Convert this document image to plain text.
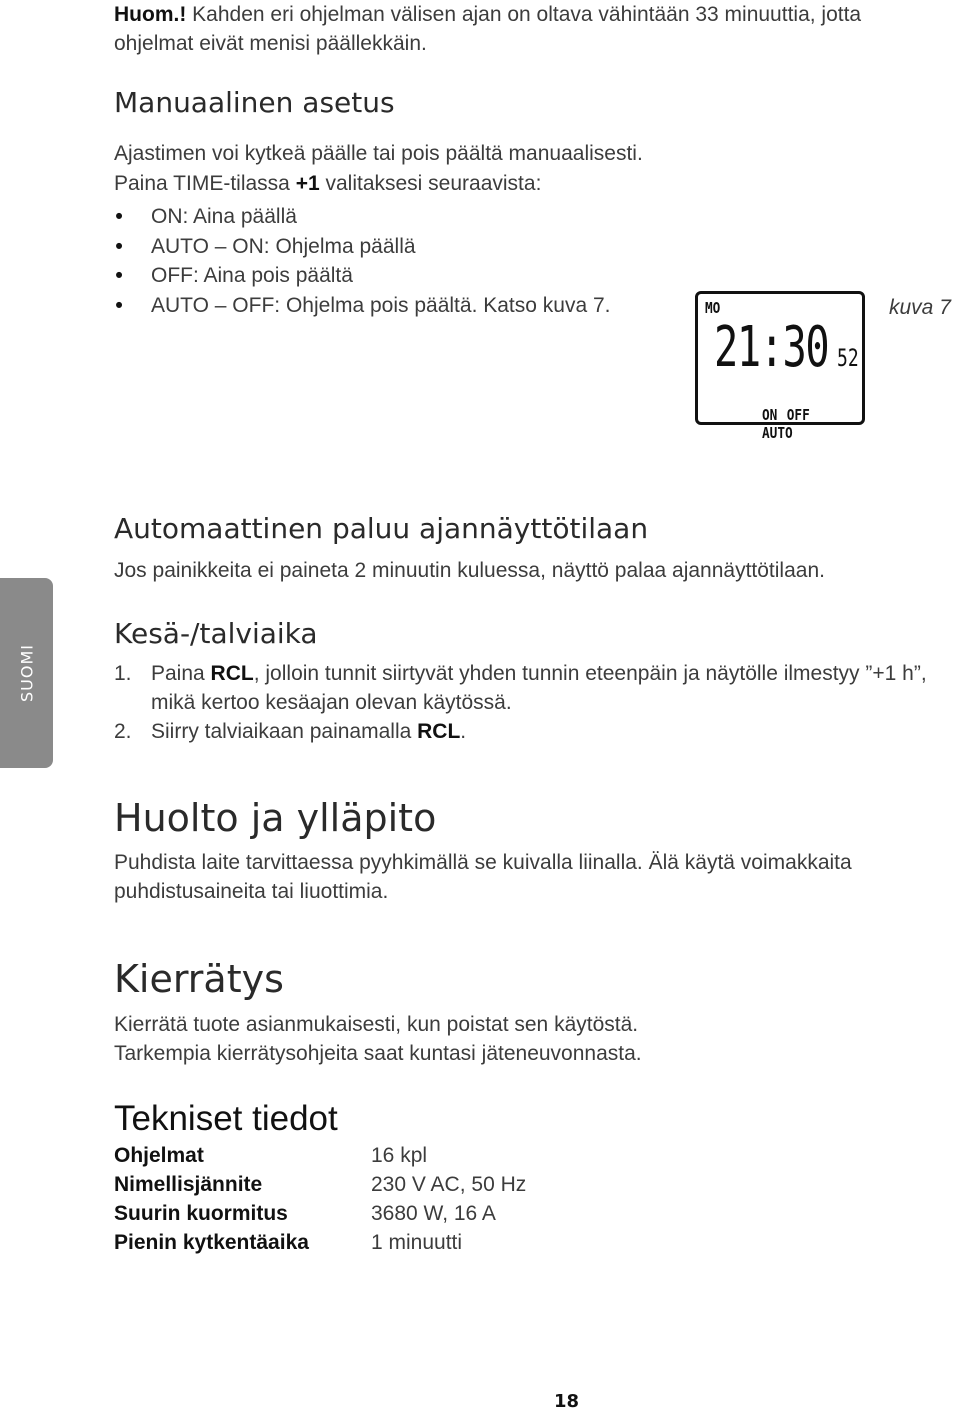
Huom.! Kahden eri ohjelman välisen ajan on oltava vähintään 33 minuuttia, jotta ohjelmat eivät menisi päällekkäin.
Manuaalinen asetus
Ajastimen voi kytkeä päälle tai pois päältä manuaalisesti.
Paina TIME-tilassa +1 valitaksesi seuraavista:
• ON: Aina päällä
• AUTO – ON: Ohjelma päällä
• OFF: Aina pois päältä
• AUTO – OFF: Ohjelma pois päältä. Katso kuva 7.	MO
21:30 52
ON OFF AUTO
kuva 7
Automaattinen paluu ajannäyttötilaan
Jos painikkeita ei paineta 2 minuutin kuluessa, näyttö palaa ajannäyttötilaan.
SUOMI
Kesä-/talviaika
1. Paina RCL, jolloin tunnit siirtyvät yhden tunnin eteenpäin ja näytölle ilmestyy ”+1 h”, mikä kertoo kesäajan olevan käytössä.
2. Siirry talviaikaan painamalla RCL.
Huolto ja ylläpito
Puhdista laite tarvittaessa pyyhkimällä se kuivalla liinalla. Älä käytä voimakkaita puhdistusaineita tai liuottimia.
Kierrätys
Kierrätä tuote asianmukaisesti, kun poistat sen käytöstä.
Tarkempia kierrätysohjeita saat kuntasi jäteneuvonnasta.
Tekniset tiedot
Ohjelmat	16 kpl
Nimellisjännite	230 V AC, 50 Hz
Suurin kuormitus	3680 W, 16 A
Pienin kytkentäaika	1 minuutti
18
